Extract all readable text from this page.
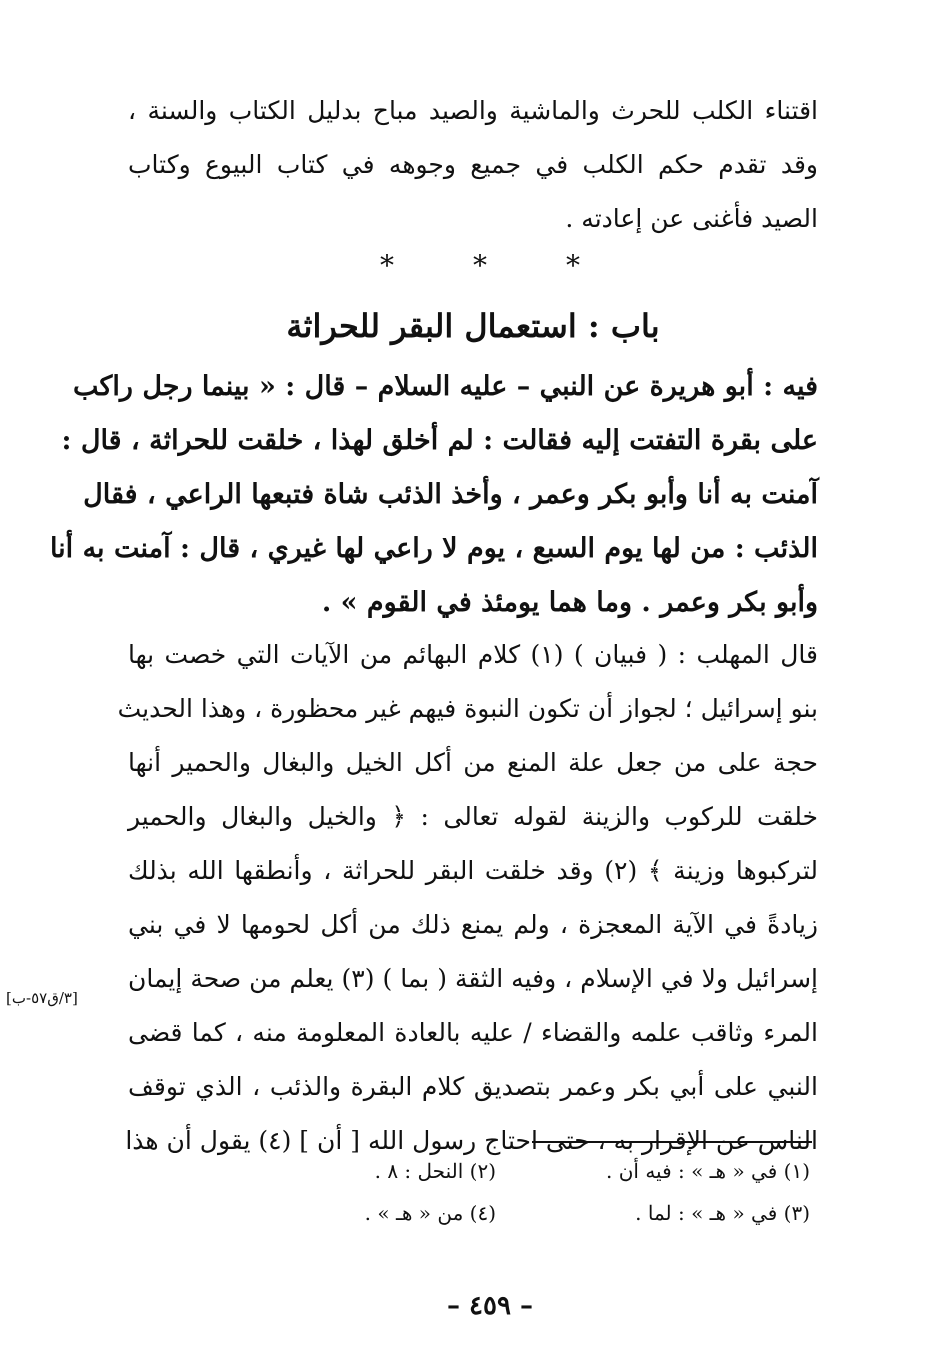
اقتناء الكلب للحرث والماشية والصيد مباح بدليل الكتاب والسنة ،
وقد تقدم حكم الكلب في جميع وجوهه في كتاب البيوع وكتاب
الصيد فأغنى عن إعادته .
*	*	*
باب : استعمال البقر للحراثة
فيه : أبو هريرة عن النبي – عليه السلام – قال : « بينما رجل راكب
على بقرة التفتت إليه فقالت : لم أخلق لهذا ، خلقت للحراثة ، قال :
آمنت به أنا وأبو بكر وعمر ، وأخذ الذئب شاة فتبعها الراعي ، فقال
الذئب : من لها يوم السبع ، يوم لا راعي لها غيري ، قال : آمنت به أنا
وأبو بكر وعمر . وما هما يومئذ في القوم » .
قال المهلب : ( فبيان ) (١) كلام البهائم من الآيات التي خصت بها
بنو إسرائيل ؛ لجواز أن تكون النبوة فيهم غير محظورة ، وهذا الحديث
حجة على من جعل علة المنع من أكل الخيل والبغال والحمير أنها
خلقت للركوب والزينة لقوله تعالى : ﴿ والخيل والبغال والحمير
لتركبوها وزينة ﴾ (٢) وقد خلقت البقر للحراثة ، وأنطقها الله بذلك
زيادةً في الآية المعجزة ، ولم يمنع ذلك من أكل لحومها لا في بني
إسرائيل ولا في الإسلام ، وفيه الثقة ( بما ) (٣) يعلم من صحة إيمان
المرء وثاقب علمه والقضاء / عليه بالعادة المعلومة منه ، كما قضى
النبي على أبي بكر وعمر بتصديق كلام البقرة والذئب ، الذي توقف
الناس عن الإقرار به ، حتى احتاج رسول الله [ أن ] (٤) يقول أن هذا
[٣/ق٥٧-ب]
(١) في « هـ » : فيه أن .
(٢) النحل : ٨ .
(٣) في « هـ » : لما .
(٤) من « هـ » .
– ٤٥٩ –
